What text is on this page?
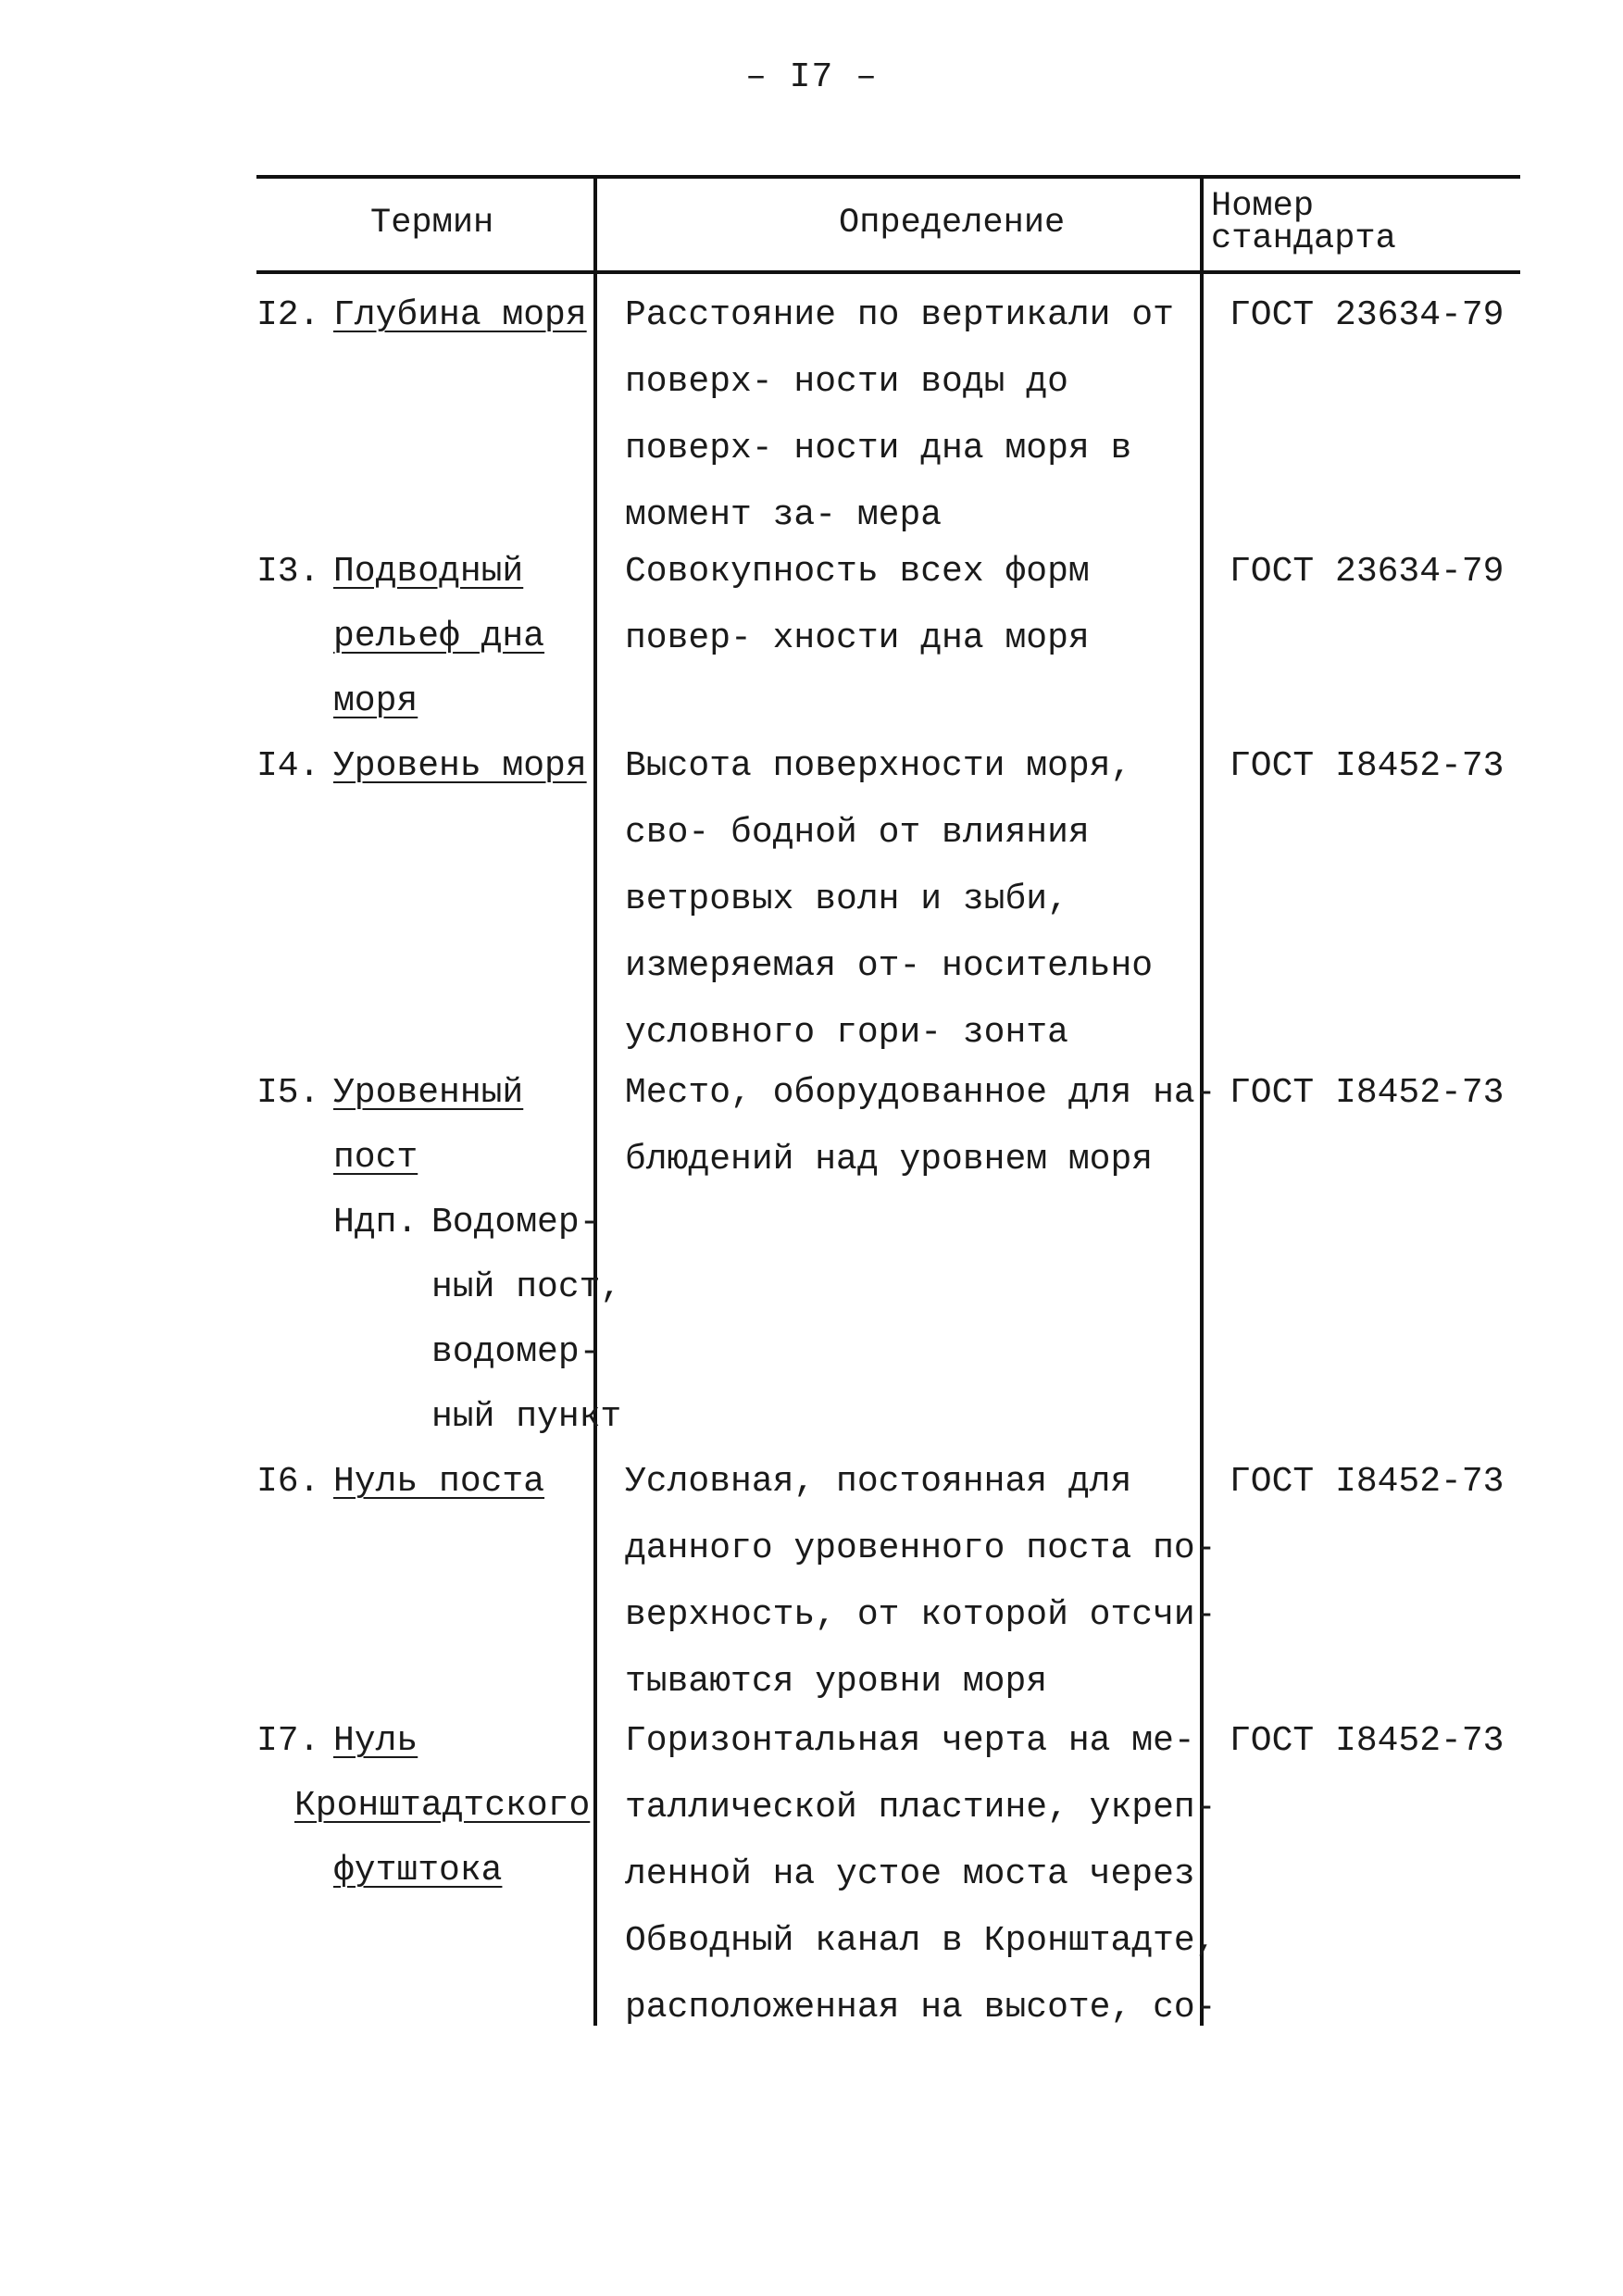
– I7 –
Термин	Определение	Номер
стандарта
I2. Глубина моря Расстояние по вертикали от поверх- ности воды до поверх- ности дна моря в момент за- мера
ГОСТ 23634-79
I3. Подводный
рельеф дна
моря
Совокупность всех форм повер- хности дна моря
ГОСТ 23634-79
I4. Уровень моря Высота поверхности моря, сво- бодной от влияния ветровых волн и зыби, измеряемая от- носительно условного гори- зонта
ГОСТ I8452-73
I5. Уровенный
пост
Ндп. Водомер-
ный пост,
водомер-
ный пункт
Место, оборудованное для на- блюдений над уровнем моря
ГОСТ I8452-73
I6. Нуль поста Условная, постоянная для данного уровенного поста по- верхность, от которой отсчи- тываются уровни моря
ГОСТ I8452-73
I7. Нуль
Кронштадтского
футштока
Горизонтальная черта на ме- таллической пластине, укреп- ленной на устое моста через Обводный канал в Кронштадте, расположенная на высоте, со-
ГОСТ I8452-73
